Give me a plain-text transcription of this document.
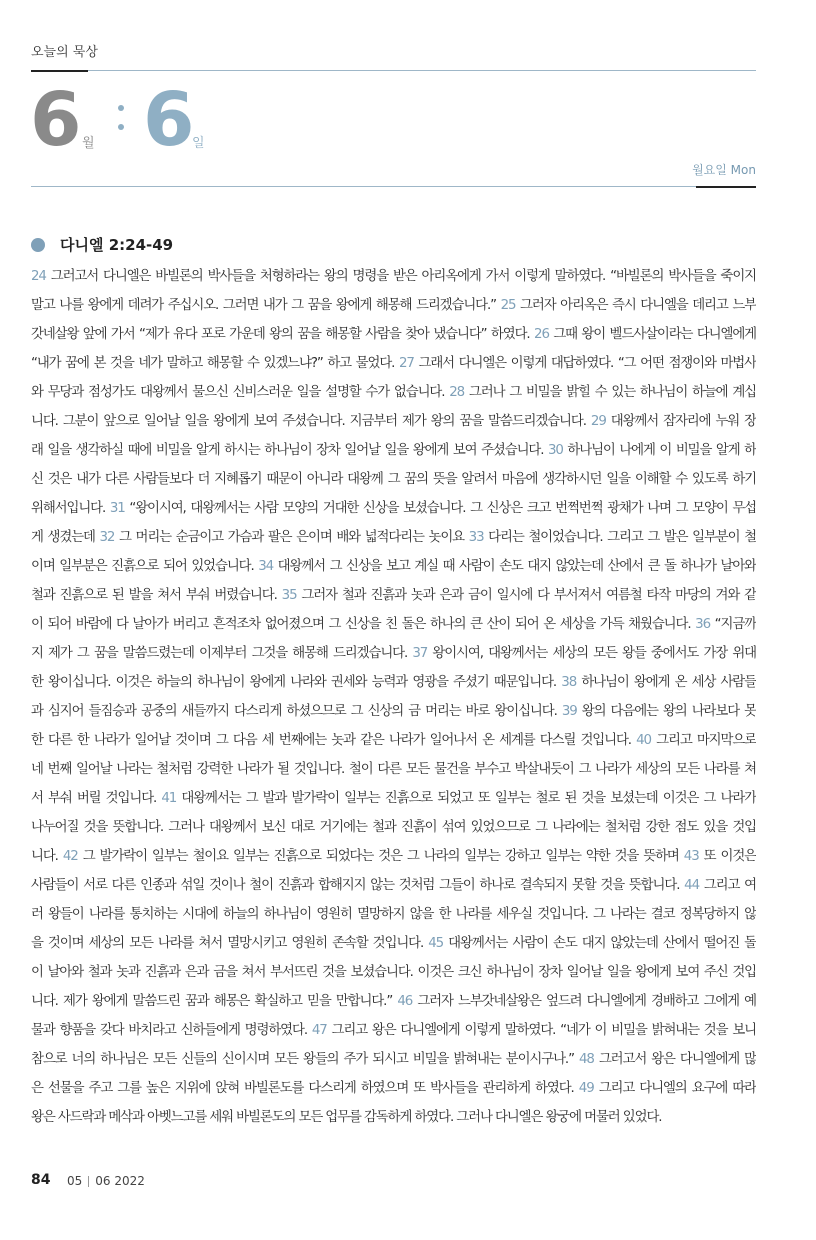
오늘의 묵상
6 월 6 일
월요일 Mon
다니엘 2:24-49
24 그러고서 다니엘은 바빌론의 박사들을 처형하라는 왕의 명령을 받은 아리옥에게 가서 이렇게 말하였다. “바빌론의 박사들을 죽이지
말고 나를 왕에게 데려가 주십시오. 그러면 내가 그 꿈을 왕에게 해몽해 드리겠습니다.” 25 그러자 아리옥은 즉시 다니엘을 데리고 느부
갓네살왕 앞에 가서 “제가 유다 포로 가운데 왕의 꿈을 해몽할 사람을 찾아 냈습니다” 하였다. 26 그때 왕이 벨드사살이라는 다니엘에게
“내가 꿈에 본 것을 네가 말하고 해몽할 수 있겠느냐?” 하고 물었다. 27 그래서 다니엘은 이렇게 대답하였다. “그 어떤 점쟁이와 마법사
와 무당과 점성가도 대왕께서 물으신 신비스러운 일을 설명할 수가 없습니다. 28 그러나 그 비밀을 밝힐 수 있는 하나님이 하늘에 계십
니다. 그분이 앞으로 일어날 일을 왕에게 보여 주셨습니다. 지금부터 제가 왕의 꿈을 말씀드리겠습니다. 29 대왕께서 잠자리에 누워 장
래 일을 생각하실 때에 비밀을 알게 하시는 하나님이 장차 일어날 일을 왕에게 보여 주셨습니다. 30 하나님이 나에게 이 비밀을 알게 하
신 것은 내가 다른 사람들보다 더 지혜롭기 때문이 아니라 대왕께 그 꿈의 뜻을 알려서 마음에 생각하시던 일을 이해할 수 있도록 하기
위해서입니다. 31 “왕이시여, 대왕께서는 사람 모양의 거대한 신상을 보셨습니다. 그 신상은 크고 번쩍번쩍 광채가 나며 그 모양이 무섭
게 생겼는데 32 그 머리는 순금이고 가슴과 팔은 은이며 배와 넓적다리는 놋이요 33 다리는 철이었습니다. 그리고 그 발은 일부분이 철
이며 일부분은 진흙으로 되어 있었습니다. 34 대왕께서 그 신상을 보고 계실 때 사람이 손도 대지 않았는데 산에서 큰 돌 하나가 날아와
철과 진흙으로 된 발을 쳐서 부숴 버렸습니다. 35 그러자 철과 진흙과 놋과 은과 금이 일시에 다 부서져서 여름철 타작 마당의 겨와 같
이 되어 바람에 다 날아가 버리고 흔적조차 없어졌으며 그 신상을 친 돌은 하나의 큰 산이 되어 온 세상을 가득 채웠습니다. 36 “지금까
지 제가 그 꿈을 말씀드렸는데 이제부터 그것을 해몽해 드리겠습니다. 37 왕이시여, 대왕께서는 세상의 모든 왕들 중에서도 가장 위대
한 왕이십니다. 이것은 하늘의 하나님이 왕에게 나라와 권세와 능력과 영광을 주셨기 때문입니다. 38 하나님이 왕에게 온 세상 사람들
과 심지어 들짐승과 공중의 새들까지 다스리게 하셨으므로 그 신상의 금 머리는 바로 왕이십니다. 39 왕의 다음에는 왕의 나라보다 못
한 다른 한 나라가 일어날 것이며 그 다음 세 번째에는 놋과 같은 나라가 일어나서 온 세계를 다스릴 것입니다. 40 그리고 마지막으로
네 번째 일어날 나라는 철처럼 강력한 나라가 될 것입니다. 철이 다른 모든 물건을 부수고 박살내듯이 그 나라가 세상의 모든 나라를 쳐
서 부숴 버릴 것입니다. 41 대왕께서는 그 발과 발가락이 일부는 진흙으로 되었고 또 일부는 철로 된 것을 보셨는데 이것은 그 나라가
나누어질 것을 뜻합니다. 그러나 대왕께서 보신 대로 거기에는 철과 진흙이 섞여 있었으므로 그 나라에는 철처럼 강한 점도 있을 것입
니다. 42 그 발가락이 일부는 철이요 일부는 진흙으로 되었다는 것은 그 나라의 일부는 강하고 일부는 약한 것을 뜻하며 43 또 이것은
사람들이 서로 다른 인종과 섞일 것이나 철이 진흙과 합해지지 않는 것처럼 그들이 하나로 결속되지 못할 것을 뜻합니다. 44 그리고 여
러 왕들이 나라를 통치하는 시대에 하늘의 하나님이 영원히 멸망하지 않을 한 나라를 세우실 것입니다. 그 나라는 결코 정복당하지 않
을 것이며 세상의 모든 나라를 쳐서 멸망시키고 영원히 존속할 것입니다. 45 대왕께서는 사람이 손도 대지 않았는데 산에서 떨어진 돌
이 날아와 철과 놋과 진흙과 은과 금을 쳐서 부서뜨린 것을 보셨습니다. 이것은 크신 하나님이 장차 일어날 일을 왕에게 보여 주신 것입
니다. 제가 왕에게 말씀드린 꿈과 해몽은 확실하고 믿을 만합니다.” 46 그러자 느부갓네살왕은 엎드려 다니엘에게 경배하고 그에게 예
물과 향품을 갖다 바치라고 신하들에게 명령하였다. 47 그리고 왕은 다니엘에게 이렇게 말하였다. “네가 이 비밀을 밝혀내는 것을 보니
참으로 너의 하나님은 모든 신들의 신이시며 모든 왕들의 주가 되시고 비밀을 밝혀내는 분이시구나.” 48 그러고서 왕은 다니엘에게 많
은 선물을 주고 그를 높은 지위에 앉혀 바빌론도를 다스리게 하였으며 또 박사들을 관리하게 하였다. 49 그리고 다니엘의 요구에 따라
왕은 사드락과 메삭과 아벳느고를 세워 바빌론도의 모든 업무를 감독하게 하였다. 그러나 다니엘은 왕궁에 머물러 있었다.
84 05 06 2022
